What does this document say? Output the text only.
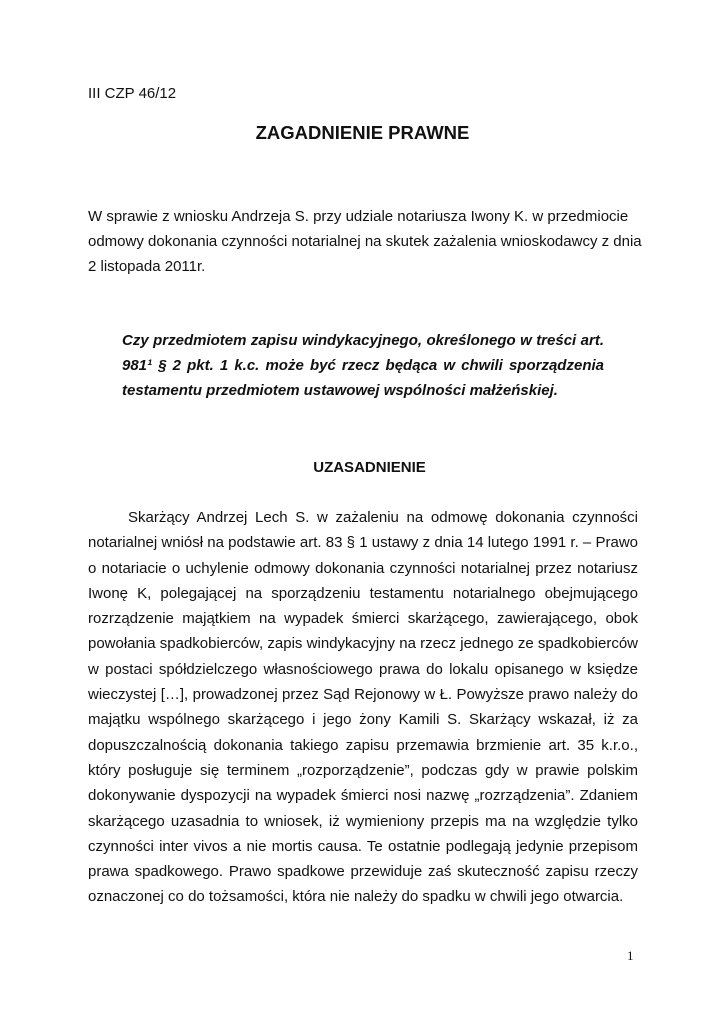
III CZP 46/12
ZAGADNIENIE PRAWNE

W sprawie z wniosku Andrzeja S. przy udziale notariusza Iwony K. w przedmiocie odmowy dokonania czynności notarialnej na skutek zażalenia wnioskodawcy z dnia 2 listopada 2011r.

Czy przedmiotem zapisu windykacyjnego, określonego w treści art. 981¹ § 2 pkt. 1 k.c. może być rzecz będąca w chwili sporządzenia testamentu przedmiotem ustawowej wspólności małżeńskiej.

UZASADNIENIE

Skarżący Andrzej Lech S. w zażaleniu na odmowę dokonania czynności notarialnej wniósł na podstawie art. 83 § 1 ustawy z dnia 14 lutego 1991 r. – Prawo o notariacie o uchylenie odmowy dokonania czynności notarialnej przez notariusz Iwonę K, polegającej na sporządzeniu testamentu notarialnego obejmującego rozrządzenie majątkiem na wypadek śmierci skarżącego, zawierającego, obok powołania spadkobierców, zapis windykacyjny na rzecz jednego ze spadkobierców w postaci spółdzielczego własnościowego prawa do lokalu opisanego w księdze wieczystej […], prowadzonej przez Sąd Rejonowy w Ł. Powyższe prawo należy do majątku wspólnego skarżącego i jego żony Kamili S. Skarżący wskazał, iż za dopuszczalnością dokonania takiego zapisu przemawia brzmienie art. 35 k.r.o., który posługuje się terminem „rozporządzenie”, podczas gdy w prawie polskim dokonywanie dyspozycji na wypadek śmierci nosi nazwę „rozrządzenia”. Zdaniem skarżącego uzasadnia to wniosek, iż wymieniony przepis ma na względzie tylko czynności inter vivos a nie mortis causa. Te ostatnie podlegają jedynie przepisom prawa spadkowego. Prawo spadkowe przewiduje zaś skuteczność zapisu rzeczy oznaczonej co do tożsamości, która nie należy do spadku w chwili jego otwarcia.

1
